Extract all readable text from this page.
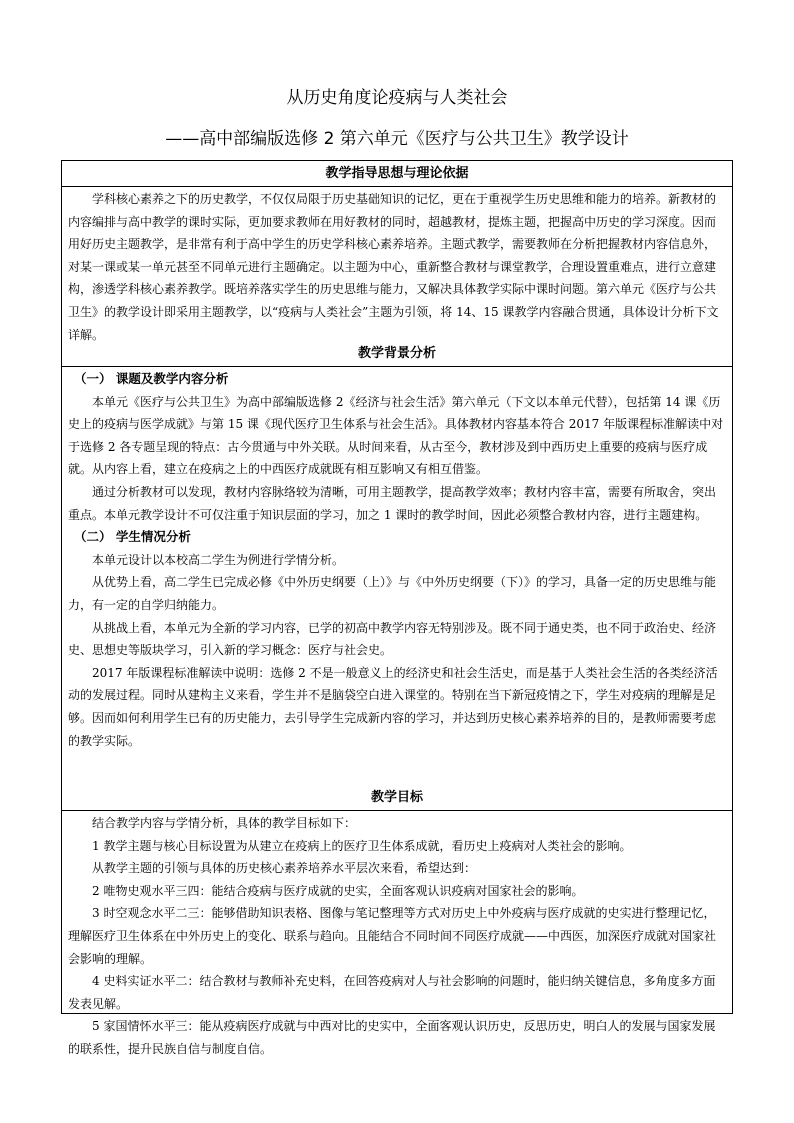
从历史角度论疫病与人类社会
——高中部编版选修 2 第六单元《医疗与公共卫生》教学设计
教学指导思想与理论依据

学科核心素养之下的历史教学，不仅仅局限于历史基础知识的记忆，更在于重视学生历史思维和能力的培养。新教材的内容编排与高中教学的课时实际，更加要求教师在用好教材的同时，超越教材，提炼主题，把握高中历史的学习深度。因而用好历史主题教学，是非常有利于高中学生的历史学科核心素养培养。主题式教学，需要教师在分析把握教材内容信息外，对某一课或某一单元甚至不同单元进行主题确定。以主题为中心，重新整合教材与课堂教学，合理设置重难点，进行立意建构，渗透学科核心素养教学。既培养落实学生的历史思维与能力，又解决具体教学实际中课时问题。第六单元《医疗与公共卫生》的教学设计即采用主题教学，以“疫病与人类社会”主题为引领，将 14、15 课教学内容融合贯通，具体设计分析下文详解。

教学背景分析

（一） 课题及教学内容分析

本单元《医疗与公共卫生》为高中部编版选修 2《经济与社会生活》第六单元（下文以本单元代替），包括第 14 课《历史上的疫病与医学成就》与第 15 课《现代医疗卫生体系与社会生活》。具体教材内容基本符合 2017 年版课程标准解读中对于选修 2 各专题呈现的特点：古今贯通与中外关联。从时间来看，从古至今，教材涉及到中西历史上重要的疫病与医疗成就。从内容上看，建立在疫病之上的中西医疗成就既有相互影响又有相互借鉴。

通过分析教材可以发现，教材内容脉络较为清晰，可用主题教学，提高教学效率；教材内容丰富，需要有所取舍，突出重点。本单元教学设计不可仅注重于知识层面的学习，加之 1 课时的教学时间，因此必须整合教材内容，进行主题建构。

（二） 学生情况分析

本单元设计以本校高二学生为例进行学情分析。

从优势上看，高二学生已完成必修《中外历史纲要（上）》与《中外历史纲要（下）》的学习，具备一定的历史思维与能力，有一定的自学归纳能力。

从挑战上看，本单元为全新的学习内容，已学的初高中教学内容无特别涉及。既不同于通史类，也不同于政治史、经济史、思想史等版块学习，引入新的学习概念：医疗与社会史。

2017 年版课程标准解读中说明：选修 2 不是一般意义上的经济史和社会生活史，而是基于人类社会生活的各类经济活动的发展过程。同时从建构主义来看，学生并不是脑袋空白进入课堂的。特别在当下新冠疫情之下，学生对疫病的理解是足够。因而如何利用学生已有的历史能力，去引导学生完成新内容的学习，并达到历史核心素养培养的目的，是教师需要考虑的教学实际。

教学目标

结合教学内容与学情分析，具体的教学目标如下：

1 教学主题与核心目标设置为从建立在疫病上的医疗卫生体系成就，看历史上疫病对人类社会的影响。

从教学主题的引领与具体的历史核心素养培养水平层次来看，希望达到：

2 唯物史观水平三四：能结合疫病与医疗成就的史实，全面客观认识疫病对国家社会的影响。

3 时空观念水平二三：能够借助知识表格、图像与笔记整理等方式对历史上中外疫病与医疗成就的史实进行整理记忆，理解医疗卫生体系在中外历史上的变化、联系与趋向。且能结合不同时间不同医疗成就——中西医，加深医疗成就对国家社会影响的理解。

4 史料实证水平二：结合教材与教师补充史料，在回答疫病对人与社会影响的问题时，能归纳关键信息，多角度多方面发表见解。

5 家国情怀水平三：能从疫病医疗成就与中西对比的史实中，全面客观认识历史，反思历史，明白人的发展与国家发展的联系性，提升民族自信与制度自信。
